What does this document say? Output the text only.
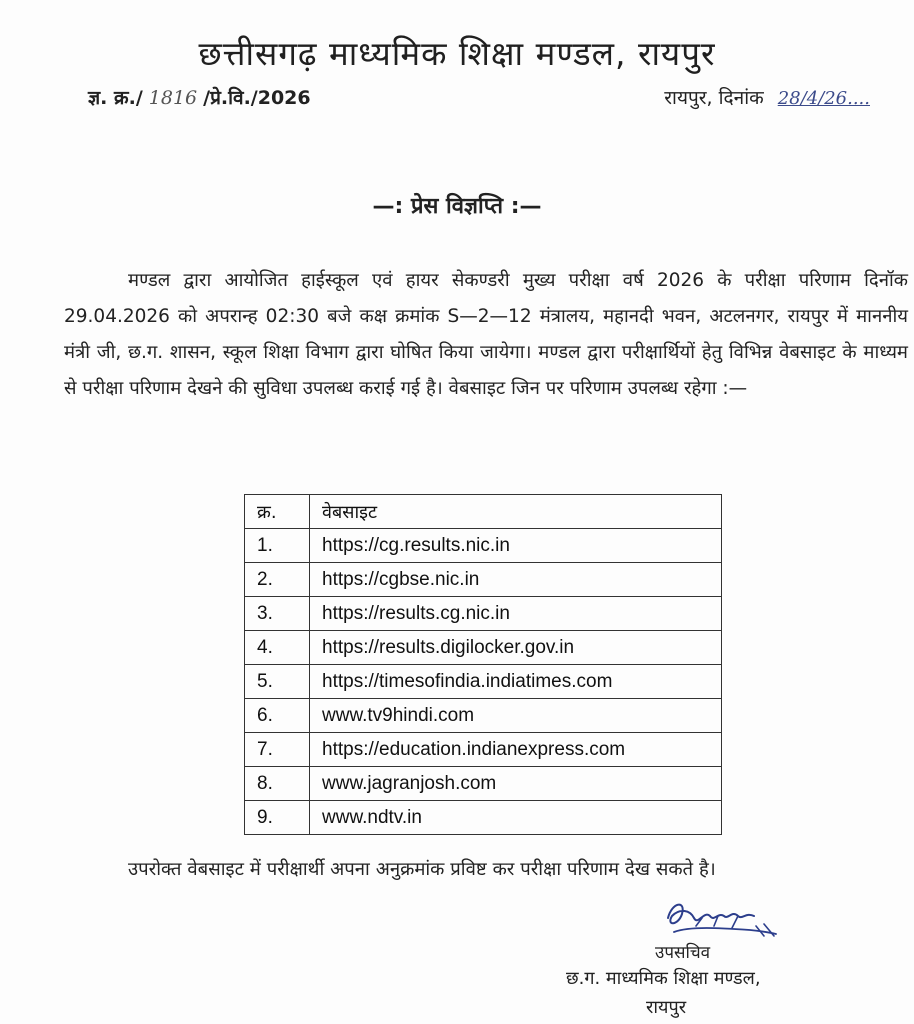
छत्तीसगढ़ माध्यमिक शिक्षा मण्डल, रायपुर
ज्ञ. क्र./ 1816 /प्रे.वि./2026	रायपुर, दिनांक 28/4/26....
—: प्रेस विज्ञप्ति :—
मण्डल द्वारा आयोजित हाईस्कूल एवं हायर सेकण्डरी मुख्य परीक्षा वर्ष 2026 के परीक्षा परिणाम दिनॉक 29.04.2026 को अपरान्ह 02:30 बजे कक्ष क्रमांक S—2—12 मंत्रालय, महानदी भवन, अटलनगर, रायपुर में माननीय मंत्री जी, छ.ग. शासन, स्कूल शिक्षा विभाग द्वारा घोषित किया जायेगा। मण्डल द्वारा परीक्षार्थियों हेतु विभिन्न वेबसाइट के माध्यम से परीक्षा परिणाम देखने की सुविधा उपलब्ध कराई गई है। वेबसाइट जिन पर परिणाम उपलब्ध रहेगा :—
क्र.	वेबसाइट
1.	https://cg.results.nic.in
2.	https://cgbse.nic.in
3.	https://results.cg.nic.in
4.	https://results.digilocker.gov.in
5.	https://timesofindia.indiatimes.com
6.	www.tv9hindi.com
7.	https://education.indianexpress.com
8.	www.jagranjosh.com
9.	www.ndtv.in
उपरोक्त वेबसाइट में परीक्षार्थी अपना अनुक्रमांक प्रविष्ट कर परीक्षा परिणाम देख सकते है।
उपसचिव
छ.ग. माध्यमिक शिक्षा मण्डल,
रायपुर
